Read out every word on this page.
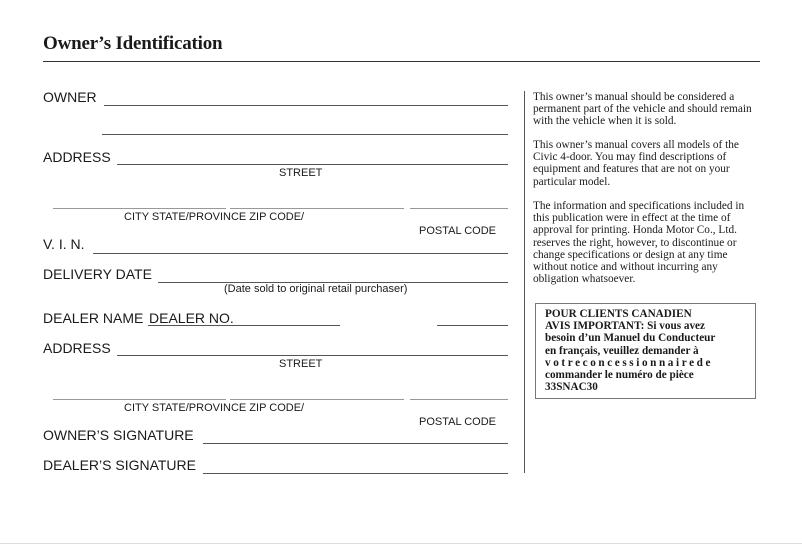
Owner’s Identification
OWNER
ADDRESS
STREET
CITY STATE/PROVINCE ZIP CODE/
POSTAL CODE
V. I. N.
DELIVERY DATE
(Date sold to original retail purchaser)
DEALER NAME DEALER NO.
ADDRESS
STREET
CITY STATE/PROVINCE ZIP CODE/
POSTAL CODE
OWNER’S SIGNATURE
DEALER’S SIGNATURE
This owner’s manual should be considered a permanent part of the vehicle and should remain with the vehicle when it is sold.
This owner’s manual covers all models of the Civic 4-door. You may find descriptions of equipment and features that are not on your particular model.
The information and specifications included in this publication were in effect at the time of approval for printing. Honda Motor Co., Ltd. reserves the right, however, to discontinue or change specifications or design at any time without notice and without incurring any obligation whatsoever.
POUR CLIENTS CANADIEN
AVIS IMPORTANT: Si vous avez
besoin d’un Manuel du Conducteur
en français, veuillez demander à
votreconcessionnairede
commander le numéro de pièce
33SNAC30
